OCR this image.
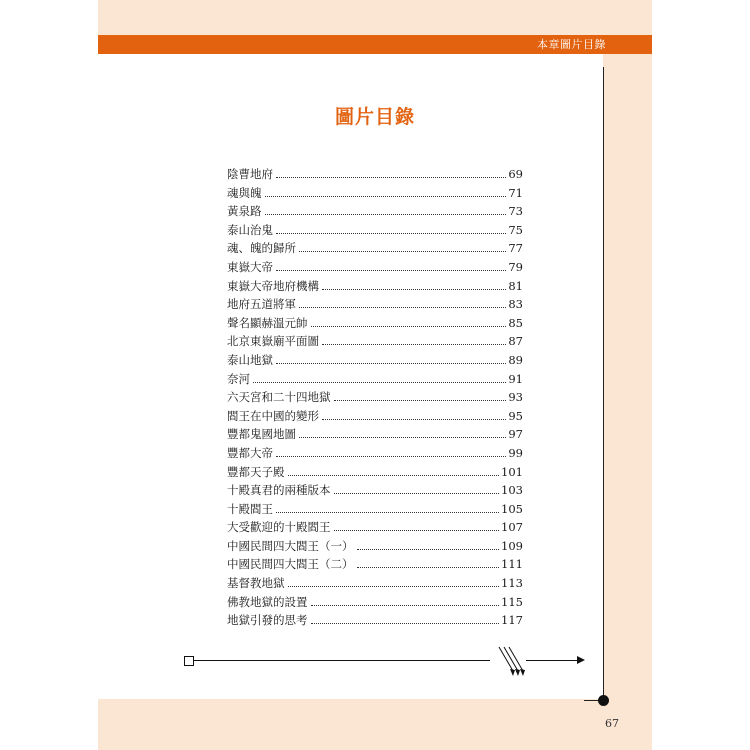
本章圖片目錄
圖片目錄
陰曹地府	69
魂與魄	71
黃泉路	73
泰山治鬼	75
魂、魄的歸所	77
東嶽大帝	79
東嶽大帝地府機構	81
地府五道將軍	83
聲名顯赫溫元帥	85
北京東嶽廟平面圖	87
泰山地獄	89
奈河	91
六天宮和二十四地獄	93
閻王在中國的變形	95
豐都鬼國地圖	97
豐都大帝	99
豐都天子殿	101
十殿真君的兩種版本	103
十殿閻王	105
大受歡迎的十殿閻王	107
中國民間四大閻王（一）	109
中國民間四大閻王（二）	111
基督教地獄	113
佛教地獄的設置	115
地獄引發的思考	117

67
